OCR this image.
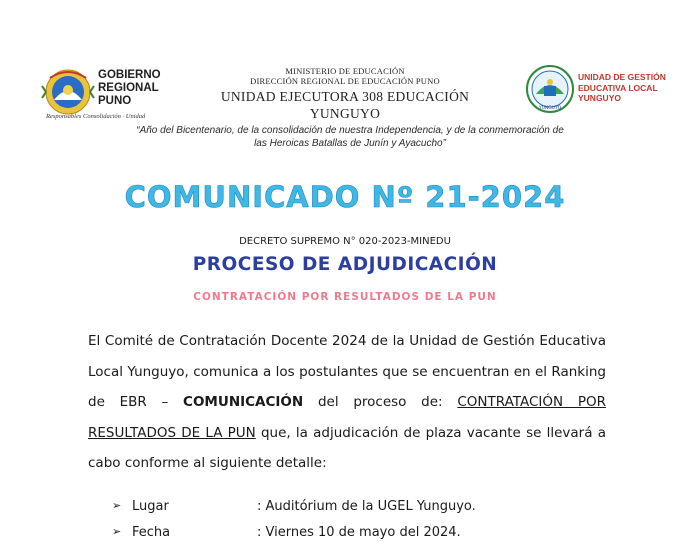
GOBIERNO
REGIONAL
PUNO
Responsables Consolidación · Unidad
MINISTERIO DE EDUCACIÓN
DIRECCIÓN REGIONAL DE EDUCACIÓN PUNO
UNIDAD EJECUTORA 308 EDUCACIÓN YUNGUYO	YUNGUYO
UNIDAD DE GESTIÓN
EDUCATIVA LOCAL
YUNGUYO
“Año del Bicentenario, de la consolidación de nuestra Independencia, y de la conmemoración de
las Heroicas Batallas de Junín y Ayacucho”
COMUNICADO Nº 21-2024
DECRETO SUPREMO N° 020-2023-MINEDU
PROCESO DE ADJUDICACIÓN
CONTRATACIÓN POR RESULTADOS DE LA PUN
El Comité de Contratación Docente 2024 de la Unidad de Gestión Educativa Local Yunguyo, comunica a los postulantes que se encuentran en el Ranking de EBR – COMUNICACIÓN del proceso de: CONTRATACIÓN POR RESULTADOS DE LA PUN que, la adjudicación de plaza vacante se llevará a cabo conforme al siguiente detalle:
➢ Lugar	: Auditórium de la UGEL Yunguyo.
➢ Fecha	: Viernes 10 de mayo del 2024.
